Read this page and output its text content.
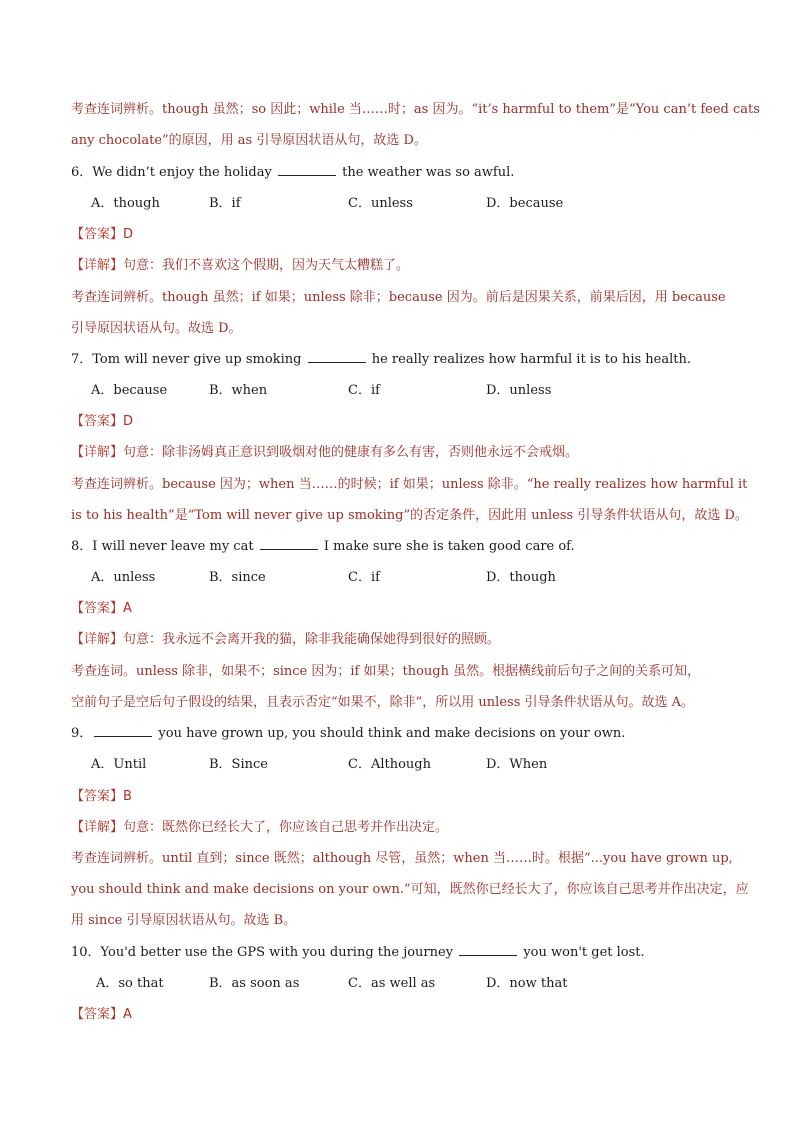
考查连词辨析。though 虽然；so 因此；while 当……时；as 因为。“it’s harmful to them”是“You can’t feed cats
any chocolate”的原因，用 as 引导原因状语从句，故选 D。
6．We didn’t enjoy the holiday	the weather was so awful.
A．though	B．if	C．unless	D．because
【答案】D
【详解】句意：我们不喜欢这个假期，因为天气太糟糕了。
考查连词辨析。though 虽然；if 如果；unless 除非；because 因为。前后是因果关系，前果后因，用 because
引导原因状语从句。故选 D。
7．Tom will never give up smoking	he really realizes how harmful it is to his health.
A．because	B．when	C．if	D．unless
【答案】D
【详解】句意：除非汤姆真正意识到吸烟对他的健康有多么有害，否则他永远不会戒烟。
考查连词辨析。because 因为；when 当……的时候；if 如果；unless 除非。“he really realizes how harmful it
is to his health”是“Tom will never give up smoking”的否定条件，因此用 unless 引导条件状语从句，故选 D。
8．I will never leave my cat	I make sure she is taken good care of.
A．unless	B．since	C．if	D．though
【答案】A
【详解】句意：我永远不会离开我的猫，除非我能确保她得到很好的照顾。
考查连词。unless 除非，如果不；since 因为；if 如果；though 虽然。根据横线前后句子之间的关系可知，
空前句子是空后句子假设的结果，且表示否定“如果不，除非”，所以用 unless 引导条件状语从句。故选 A。
9．	you have grown up, you should think and make decisions on your own.
A．Until	B．Since	C．Although	D．When
【答案】B
【详解】句意：既然你已经长大了，你应该自己思考并作出决定。
考查连词辨析。until 直到；since 既然；although 尽管，虽然；when 当……时。根据“...you have grown up,
you should think and make decisions on your own.”可知，既然你已经长大了，你应该自己思考并作出决定，应
用 since 引导原因状语从句。故选 B。
10．You'd better use the GPS with you during the journey	you won't get lost.
A．so that	B．as soon as	C．as well as	D．now that
【答案】A
